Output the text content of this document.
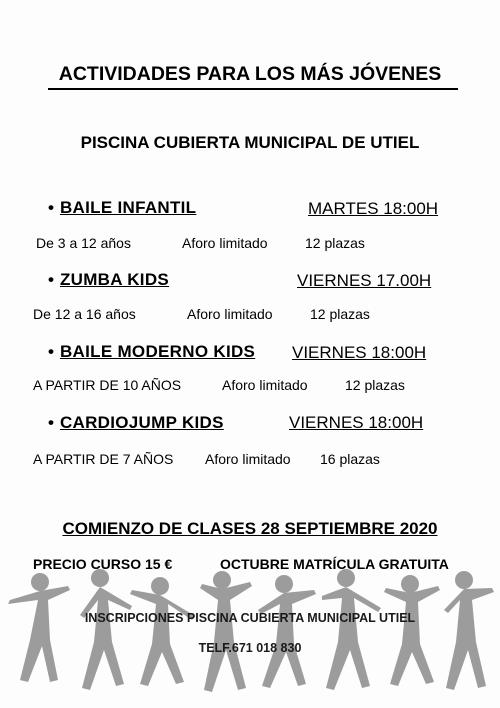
ACTIVIDADES PARA LOS MÁS JÓVENES
PISCINA CUBIERTA MUNICIPAL DE UTIEL
• BAILE INFANTIL	MARTES 18:00H
De 3 a 12 años	Aforo limitado	12 plazas
• ZUMBA KIDS	VIERNES 17.00H
De 12 a 16 años	Aforo limitado	12 plazas
• BAILE MODERNO KIDS VIERNES 18:00H
A PARTIR DE 10 AÑOS	Aforo limitado	12 plazas
• CARDIOJUMP KIDS	VIERNES 18:00H
A PARTIR DE 7 AÑOS Aforo limitado 16 plazas
COMIENZO DE CLASES 28 SEPTIEMBRE 2020
PRECIO CURSO 15 €	OCTUBRE MATRÍCULA GRATUITA
INSCRIPCIONES PISCINA CUBIERTA MUNICIPAL UTIEL
TELF.671 018 830
